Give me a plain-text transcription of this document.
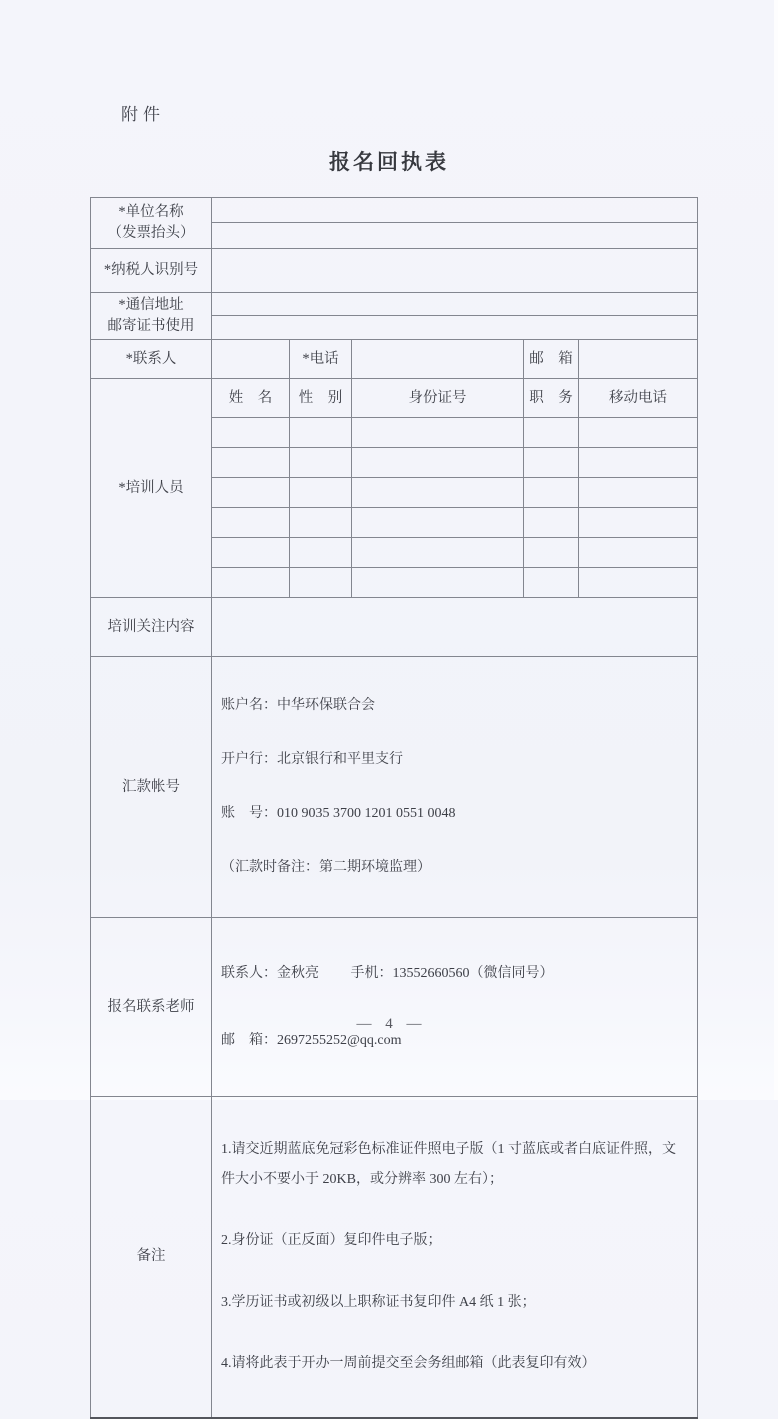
附件
报名回执表
*单位名称
（发票抬头）					

*纳税人识别号					

*通信地址
邮寄证书使用					

*联系人		*电话		邮　箱	
*培训人员	姓　名	性　别	身份证号	职　务	移动电话

培训关注内容					
汇款帐号	账户名：中华环保联合会

开户行：北京银行和平里支行

账　号：010 9035 3700 1201 0551 0048

（汇款时备注：第二期环境监理）				

报名联系老师	联系人：金秋亮　　 手机：13552660560（微信同号）

邮　箱：2697255252@qq.com				

备注	1.请交近期蓝底免冠彩色标准证件照电子版（1 寸蓝底或者白底证件照，文件大小不要小于 20KB，或分辨率 300 左右）；

2.身份证（正反面）复印件电子版；

3.学历证书或初级以上职称证书复印件 A4 纸 1 张；

4.请将此表于开办一周前提交至会务组邮箱（此表复印有效）				

— 4 —
